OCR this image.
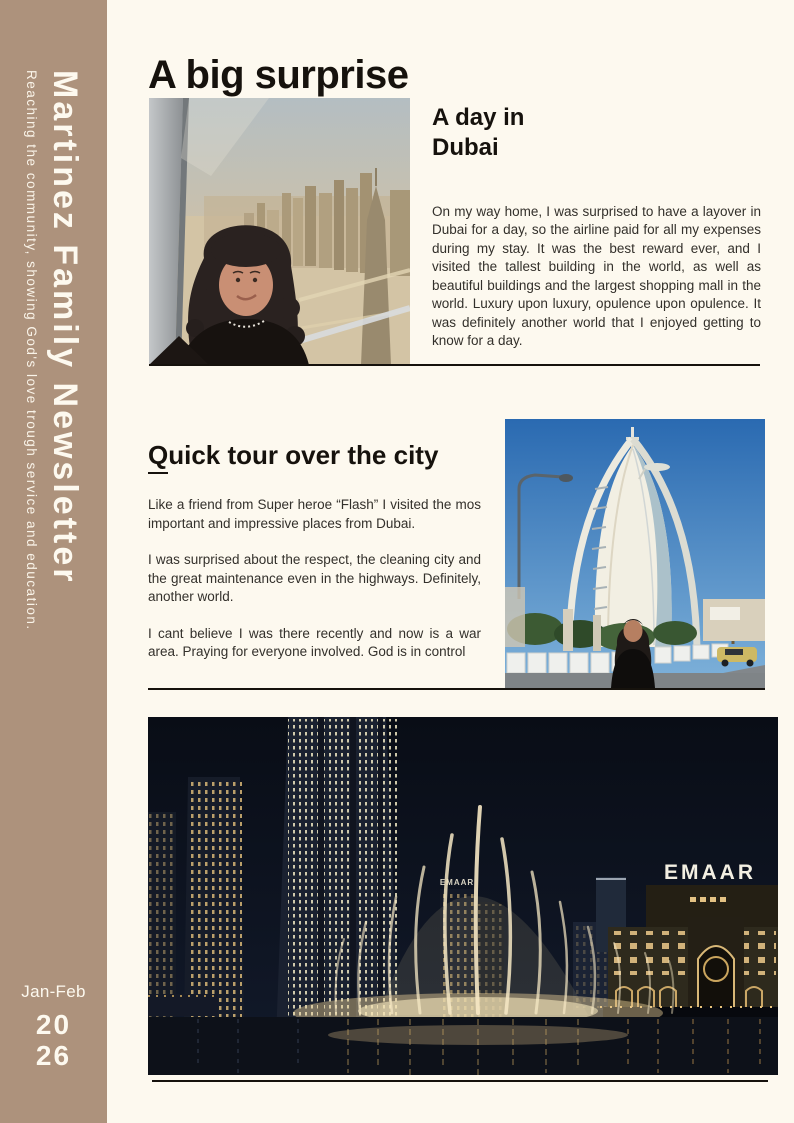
Martinez Family Newsletter
Reaching the community, showing God's love trough service and education.
Jan-Feb
20
26
A big surprise
A day in
Dubai

On my way home, I was surprised to have a layover in Dubai for a day, so the airline paid for all my expenses during my stay. It was the best reward ever, and I visited the tallest building in the world, as well as beautiful buildings and the largest shopping mall in the world. Luxury upon luxury, opulence upon opulence. It was definitely another world that I enjoyed getting to know for a day.

Quick tour over the city

Like a friend from Super heroe “Flash” I visited the mos important and impressive places from Dubai.

I was surprised about the respect, the cleaning city and the great maintenance even in the highways. Definitely, another world.

I cant believe I was there recently and now is a war area. Praying for everyone involved. God is in control

EMAAR	EMAAR
